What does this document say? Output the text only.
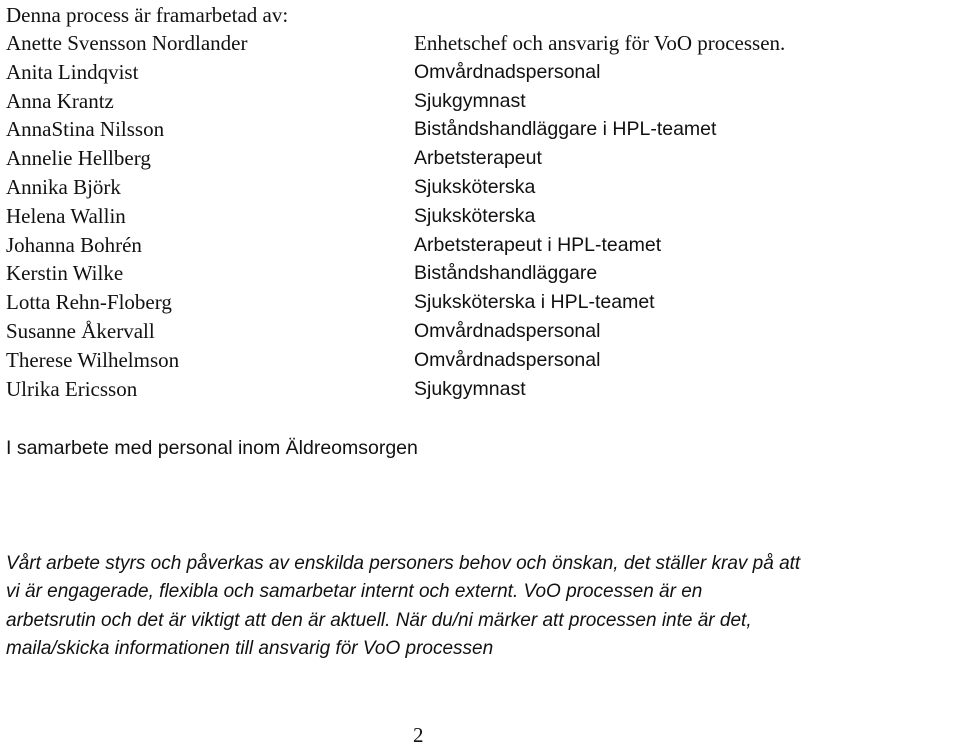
Denna process är framarbetad av:
Anette Svensson Nordlander
Anita Lindqvist
Anna Krantz
AnnaStina Nilsson
Annelie Hellberg
Annika Björk
Helena Wallin
Johanna Bohrén
Kerstin Wilke
Lotta Rehn-Floberg
Susanne Åkervall
Therese Wilhelmson
Ulrika Ericsson
Enhetschef och ansvarig för VoO processen.
Omvårdnadspersonal
Sjukgymnast
Biståndshandläggare i HPL-teamet
Arbetsterapeut
Sjuksköterska
Sjuksköterska
Arbetsterapeut i HPL-teamet
Biståndshandläggare
Sjuksköterska i HPL-teamet
Omvårdnadspersonal
Omvårdnadspersonal
Sjukgymnast
I samarbete med personal inom Äldreomsorgen
Vårt arbete styrs och påverkas av enskilda personers behov och önskan, det ställer krav på att
vi är engagerade, flexibla och samarbetar internt och externt. VoO processen är en
arbetsrutin och det är viktigt att den är aktuell. När du/ni märker att processen inte är det,
maila/skicka informationen till ansvarig för VoO processen
2
